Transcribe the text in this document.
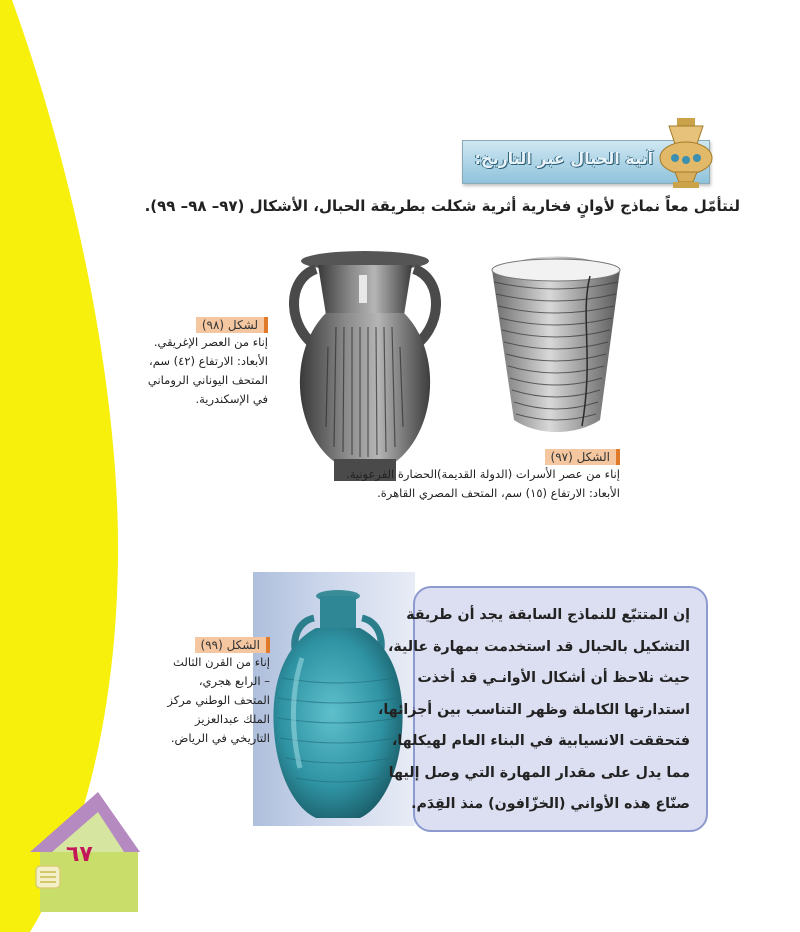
آنية الحبال عبر التاريخ:
لنتأمّل معاً نماذج لأوانٍ فخارية أثرية شكلت بطريقة الحبال، الأشكال (٩٧– ٩٨– ٩٩).
لشكل (٩٨)
إناء من العصر الإغريقي.
الأبعاد: الارتفاع (٤٢) سم،
المتحف اليوناني الروماني
في الإسكندرية.
الشكل (٩٧)
إناء من عصر الأسرات (الدولة القديمة)الحضارة الفرعونية.
الأبعاد: الارتفاع (١٥) سم، المتحف المصري القاهرة.
الشكل (٩٩)
إناء من القرن الثالث
– الرابع هجري،
المتحف الوطني مركز
الملك عبدالعزيز
التاريخي في الرياض.
إن المتتبّع للنماذج السابقة يجد أن طريقة
التشكيل بالحبال قد استخدمت بمهارة عالية،
حيث نلاحظ أن أشكال الأوانـي قد أخذت
استدارتها الكاملة وظهر التناسب بين أجزائها،
فتحققت الانسيابية في البناء العام لهيكلها،
مما يدل على مقدار المهارة التي وصل إليها
صنّاع هذه الأواني (الخزّافون) منذ القِدَم.
٦٧
